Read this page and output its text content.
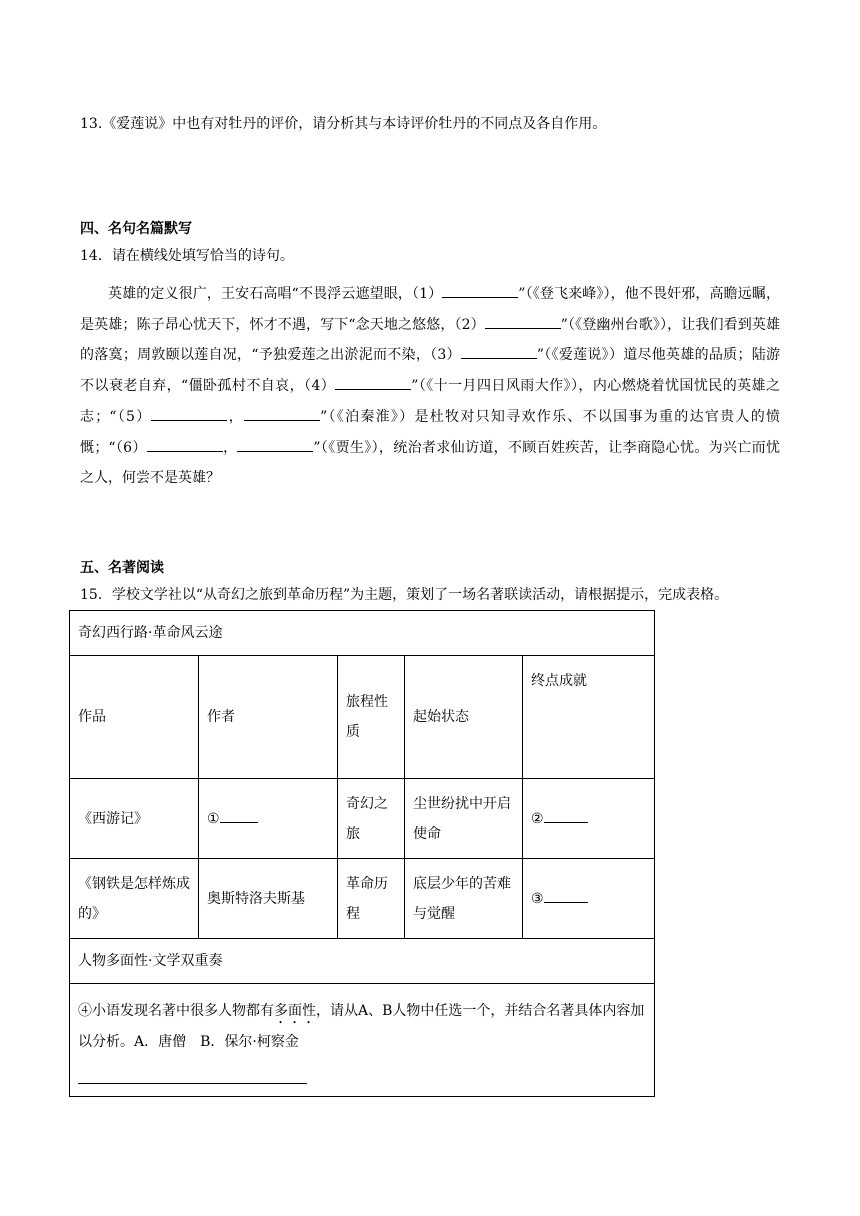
13.《爱莲说》中也有对牡丹的评价，请分析其与本诗评价牡丹的不同点及各自作用。
四、名句名篇默写
14．请在横线处填写恰当的诗句。
英雄的定义很广，王安石高唱“不畏浮云遮望眼，（1）	”（《登飞来峰》），他不畏奸邪，高瞻远瞩，是英雄；陈子昂心忧天下，怀才不遇，写下“念天地之悠悠，（2）	”（《登幽州台歌》），让我们看到英雄的落寞；周敦颐以莲自况，“予独爱莲之出淤泥而不染，（3）	”（《爱莲说》）道尽他英雄的品质；陆游不以衰老自弃，“僵卧孤村不自哀，（4）	”（《十一月四日风雨大作》），内心燃烧着忧国忧民的英雄之志；“（5）	，	”（《泊秦淮》）是杜牧对只知寻欢作乐、不以国事为重的达官贵人的愤慨；“（6）	，	”（《贾生》），统治者求仙访道，不顾百姓疾苦，让李商隐心忧。为兴亡而忧之人，何尝不是英雄？
五、名著阅读
15．学校文学社以“从奇幻之旅到革命历程”为主题，策划了一场名著联读活动，请根据提示，完成表格。
奇幻西行路·革命风云途				
作品	作者	旅程性质	起始状态	终点成就
《西游记》	①	奇幻之旅	尘世纷扰中开启使命	②
《钢铁是怎样炼成的》	奥斯特洛夫斯基	革命历程	底层少年的苦难与觉醒	③
人物多面性·文学双重奏				
④小语发现名著中很多人物都有多面性，请从A、B人物中任选一个，并结合名著具体内容加以分析。A．唐僧　B．保尔·柯察金				
